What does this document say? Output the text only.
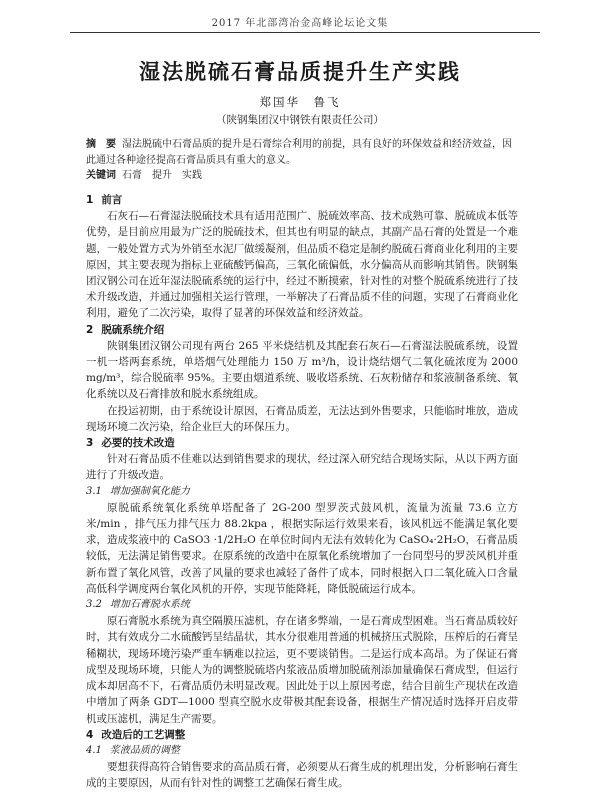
2017 年北部湾冶金高峰论坛论文集
湿法脱硫石膏品质提升生产实践
郑国华　鲁飞
（陕钢集团汉中钢铁有限责任公司）

摘　要 湿法脱硫中石膏品质的提升是石膏综合利用的前提，具有良好的环保效益和经济效益，因此通过各种途径提高石膏品质具有重大的意义。

关键词 石膏　提升　实践

1 前言

石灰石—石膏湿法脱硫技术具有适用范围广、脱硫效率高、技术成熟可靠、脱硫成本低等优势，是目前应用最为广泛的脱硫技术，但其也有明显的缺点，其副产品石膏的处置是一个难题，一般处置方式为外销至水泥厂做缓凝剂，但品质不稳定是制约脱硫石膏商业化利用的主要原因，其主要表现为指标上亚硫酸钙偏高，三氧化硫偏低，水分偏高从而影响其销售。陕钢集团汉钢公司在近年湿法脱硫系统的运行中，经过不断摸索，针对性的对整个脱硫系统进行了技术升级改造，并通过加强相关运行管理，一举解决了石膏品质不佳的问题，实现了石膏商业化利用，避免了二次污染，取得了显著的环保效益和经济效益。

2 脱硫系统介绍

陕钢集团汉钢公司现有两台 265 平米烧结机及其配套石灰石—石膏湿法脱硫系统，设置一机一塔两套系统，单塔烟气处理能力 150 万 m³/h，设计烧结烟气二氧化硫浓度为 2000 mg/m³，综合脱硫率 95%。主要由烟道系统、吸收塔系统、石灰粉储存和浆液制备系统、氧化系统以及石膏排放和脱水系统组成。

在投运初期，由于系统设计原因，石膏品质差，无法达到外售要求，只能临时堆放，造成现场环境二次污染，给企业巨大的环保压力。

3 必要的技术改造

针对石膏品质不佳难以达到销售要求的现状，经过深入研究结合现场实际，从以下两方面进行了升级改造。

3.1 增加强制氧化能力

原脱硫系统氧化系统单塔配备了 2G-200 型罗茨式鼓风机，流量为流量 73.6 立方米/min ，排气压力排气压力 88.2kpa ，根据实际运行效果来看，该风机远不能满足氧化要求，造成浆液中的 CaSO3 ·1/2H₂O 在单位时间内无法有效转化为 CaSO₄·2H₂O，石膏品质较低，无法满足销售要求。在原系统的改造中在原氧化系统增加了一台同型号的罗茨风机并重新布置了氧化风管，改善了风量的要求也减轻了备件了成本，同时根据入口二氧化硫入口含量高低科学调度两台氧化风机的开停，实现节能降耗，降低脱硫运行成本。

3.2 增加石膏脱水系统

原石膏脱水系统为真空隔膜压滤机，存在诸多弊端，一是石膏成型困难。当石膏品质较好时，其有效成分二水硫酸钙呈结晶状，其水分很难用普通的机械挤压式脱除，压榨后的石膏呈稀糊状，现场环境污染严重车辆难以拉运，更不要谈销售。二是运行成本高昂。为了保证石膏成型及现场环境，只能人为的调整脱硫塔内浆液品质增加脱硫剂添加量确保石膏成型，但运行成本却居高不下，石膏品质仍未明显改观。因此处于以上原因考虑，结合目前生产现状在改造中增加了两条 GDT—1000 型真空脱水皮带极其配套设备，根据生产情况适时选择开启皮带机或压滤机，满足生产需要。

4 改造后的工艺调整
4.1 浆液品质的调整

要想获得高符合销售要求的高品质石膏，必须要从石膏生成的机理出发，分析影响石膏生成的主要原因，从而有针对性的调整工艺确保石膏生成。
